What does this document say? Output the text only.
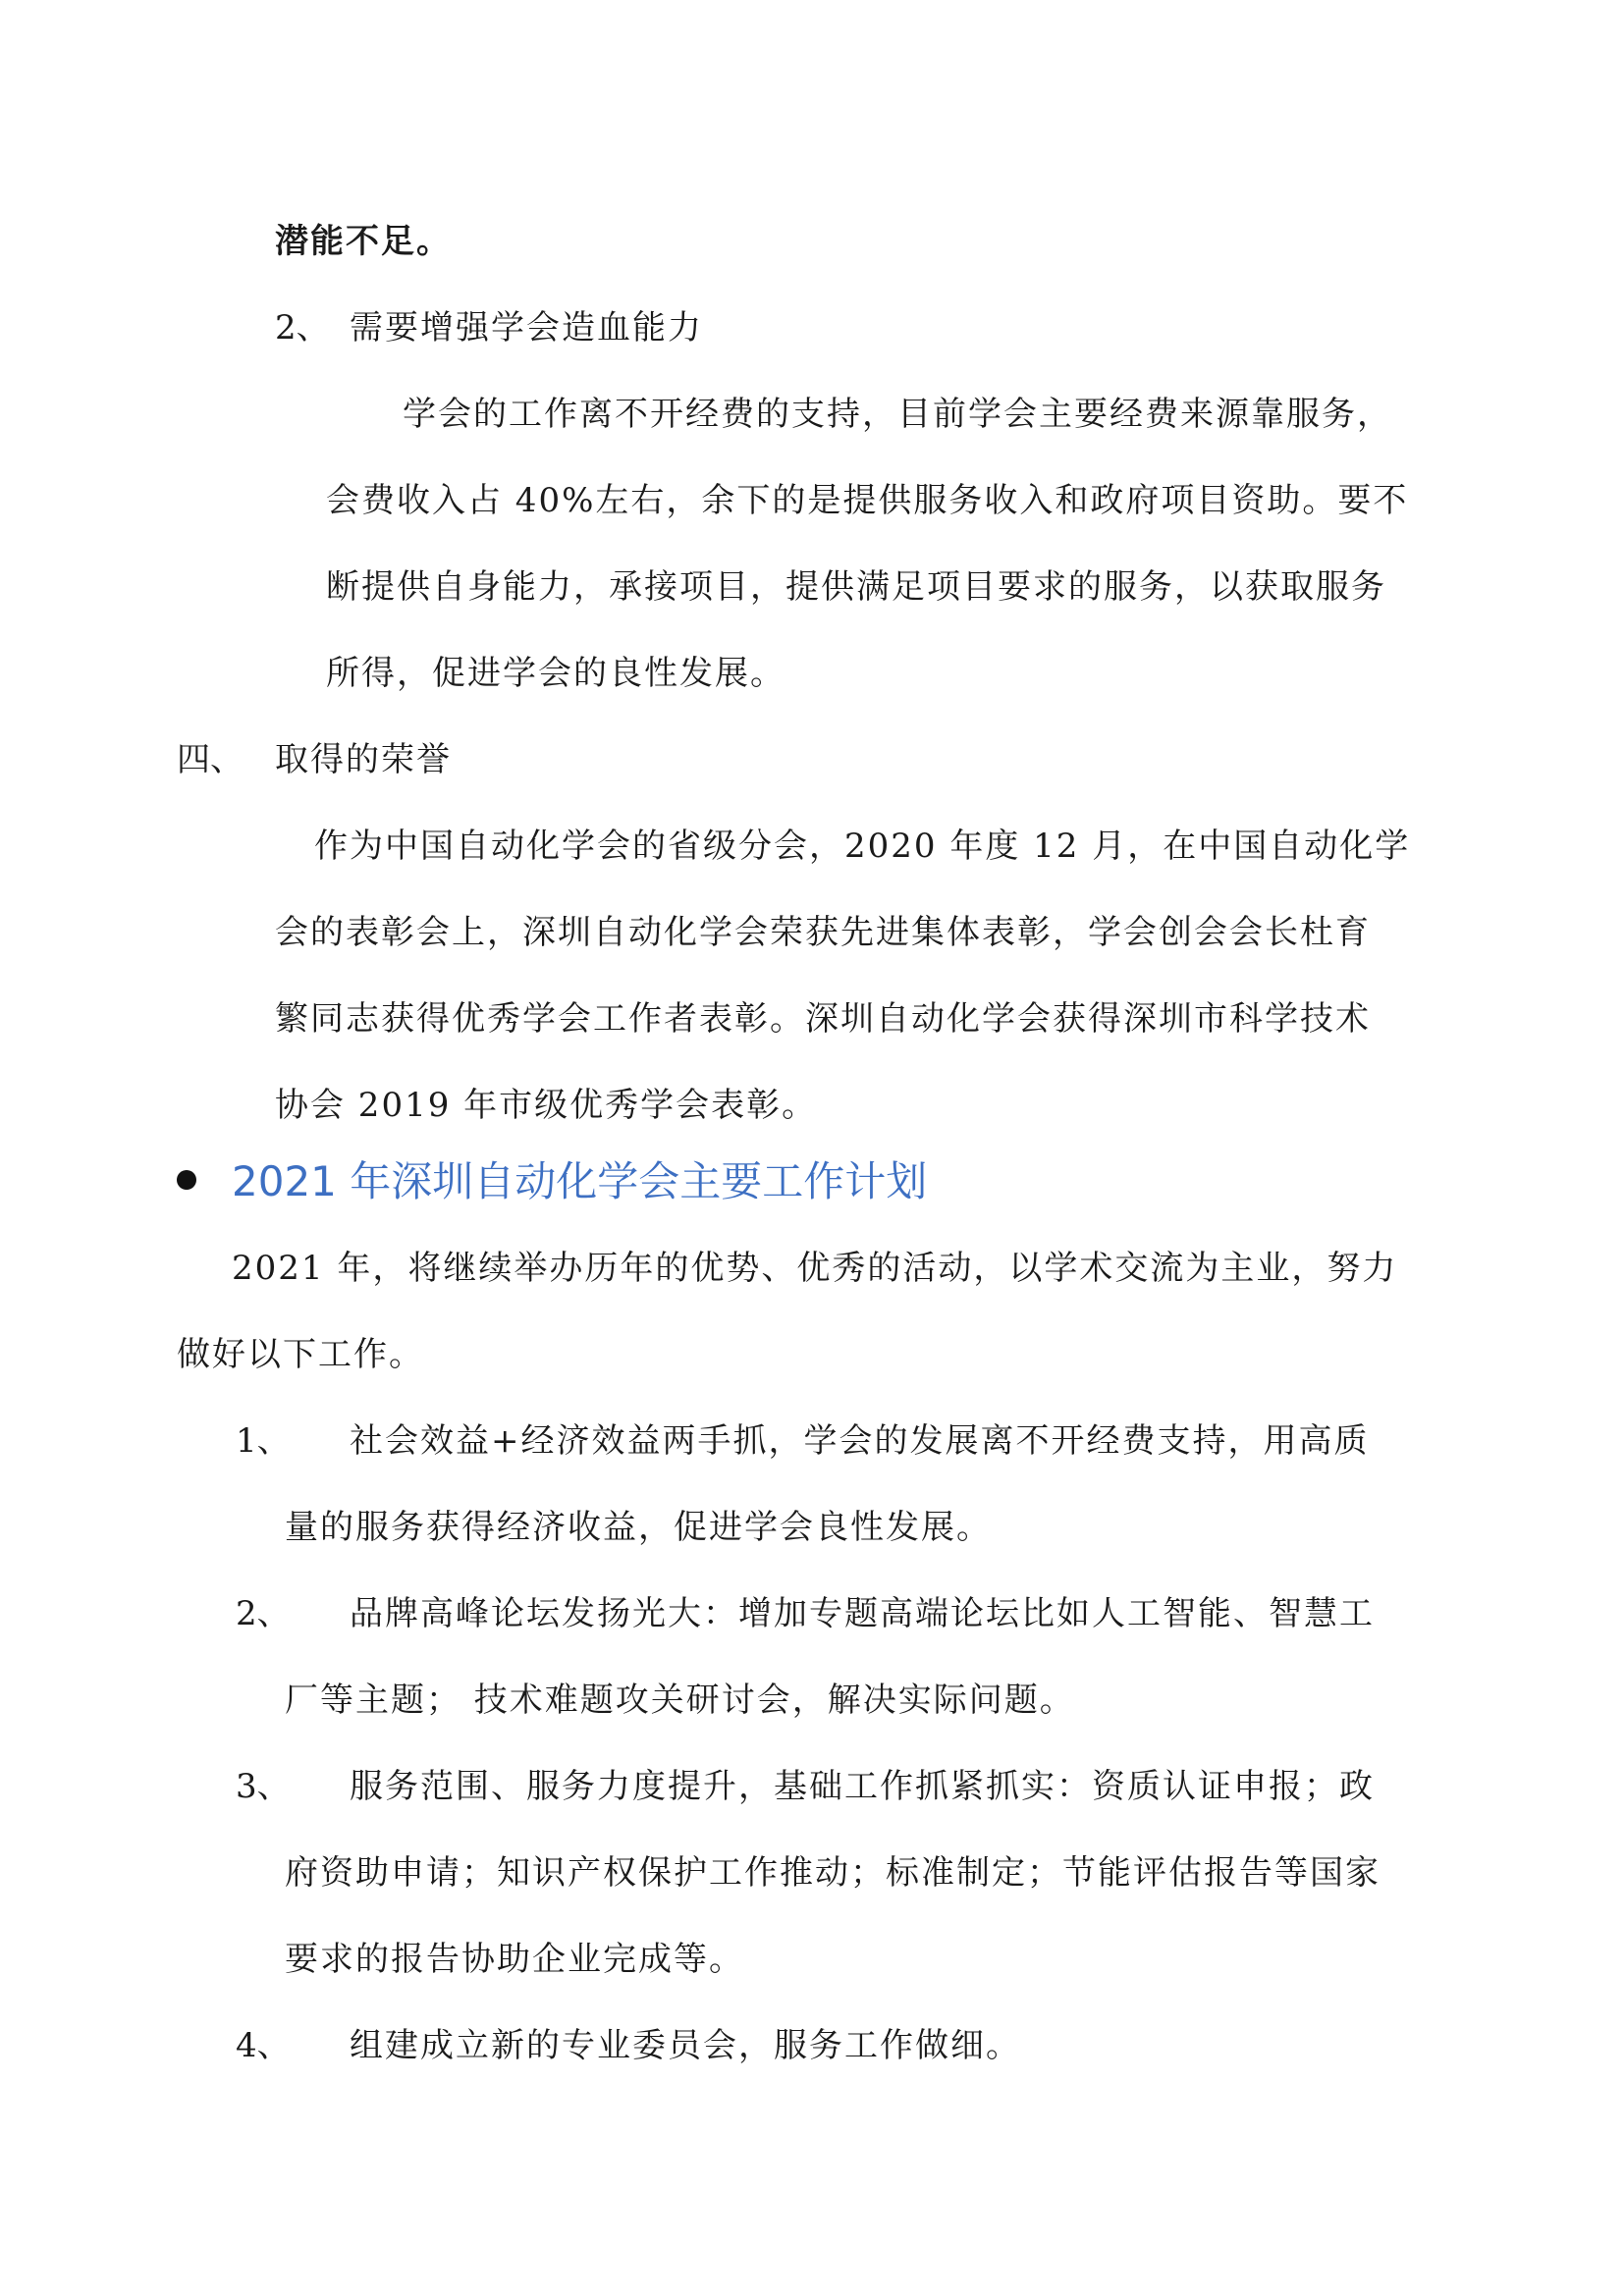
潜能不足。
2、 需要增强学会造血能力
学会的工作离不开经费的支持，目前学会主要经费来源靠服务，
会费收入占 40%左右，余下的是提供服务收入和政府项目资助。要不
断提供自身能力，承接项目，提供满足项目要求的服务，以获取服务
所得，促进学会的良性发展。
四、 取得的荣誉
作为中国自动化学会的省级分会，2020 年度 12 月，在中国自动化学
会的表彰会上，深圳自动化学会荣获先进集体表彰，学会创会会长杜育
繁同志获得优秀学会工作者表彰。深圳自动化学会获得深圳市科学技术
协会 2019 年市级优秀学会表彰。
2021 年深圳自动化学会主要工作计划
2021 年，将继续举办历年的优势、优秀的活动，以学术交流为主业，努力
做好以下工作。
1、 社会效益+经济效益两手抓，学会的发展离不开经费支持，用高质
量的服务获得经济收益，促进学会良性发展。
2、 品牌高峰论坛发扬光大：增加专题高端论坛比如人工智能、智慧工
厂等主题； 技术难题攻关研讨会，解决实际问题。
3、 服务范围、服务力度提升，基础工作抓紧抓实：资质认证申报；政
府资助申请；知识产权保护工作推动；标准制定；节能评估报告等国家
要求的报告协助企业完成等。
4、 组建成立新的专业委员会，服务工作做细。
